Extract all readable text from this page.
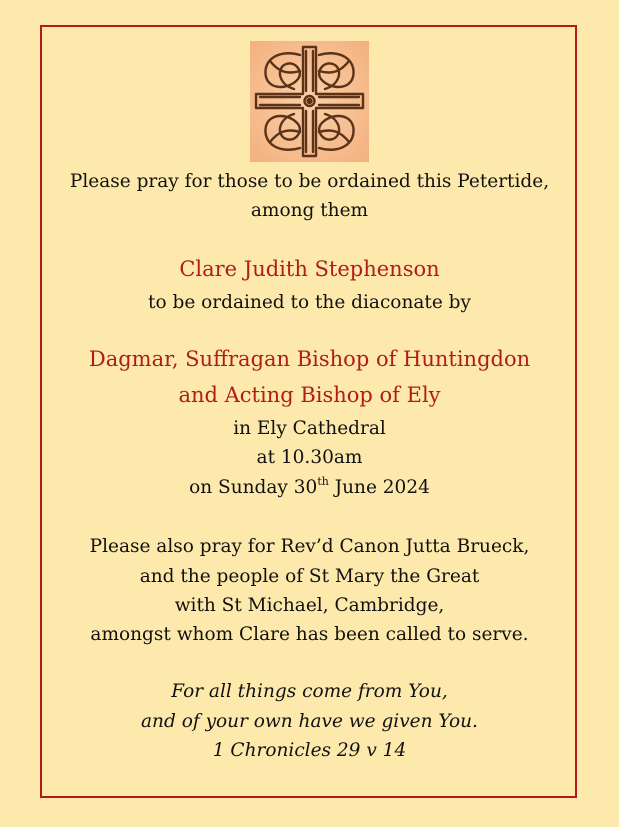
Please pray for those to be ordained this Petertide,
among them
Clare Judith Stephenson
to be ordained to the diaconate by
Dagmar, Suffragan Bishop of Huntingdon
and Acting Bishop of Ely
in Ely Cathedral
at 10.30am
on Sunday 30th June 2024
Please also pray for Rev’d Canon Jutta Brueck,
and the people of St Mary the Great
with St Michael, Cambridge,
amongst whom Clare has been called to serve.
For all things come from You,
and of your own have we given You.
1 Chronicles 29 v 14
